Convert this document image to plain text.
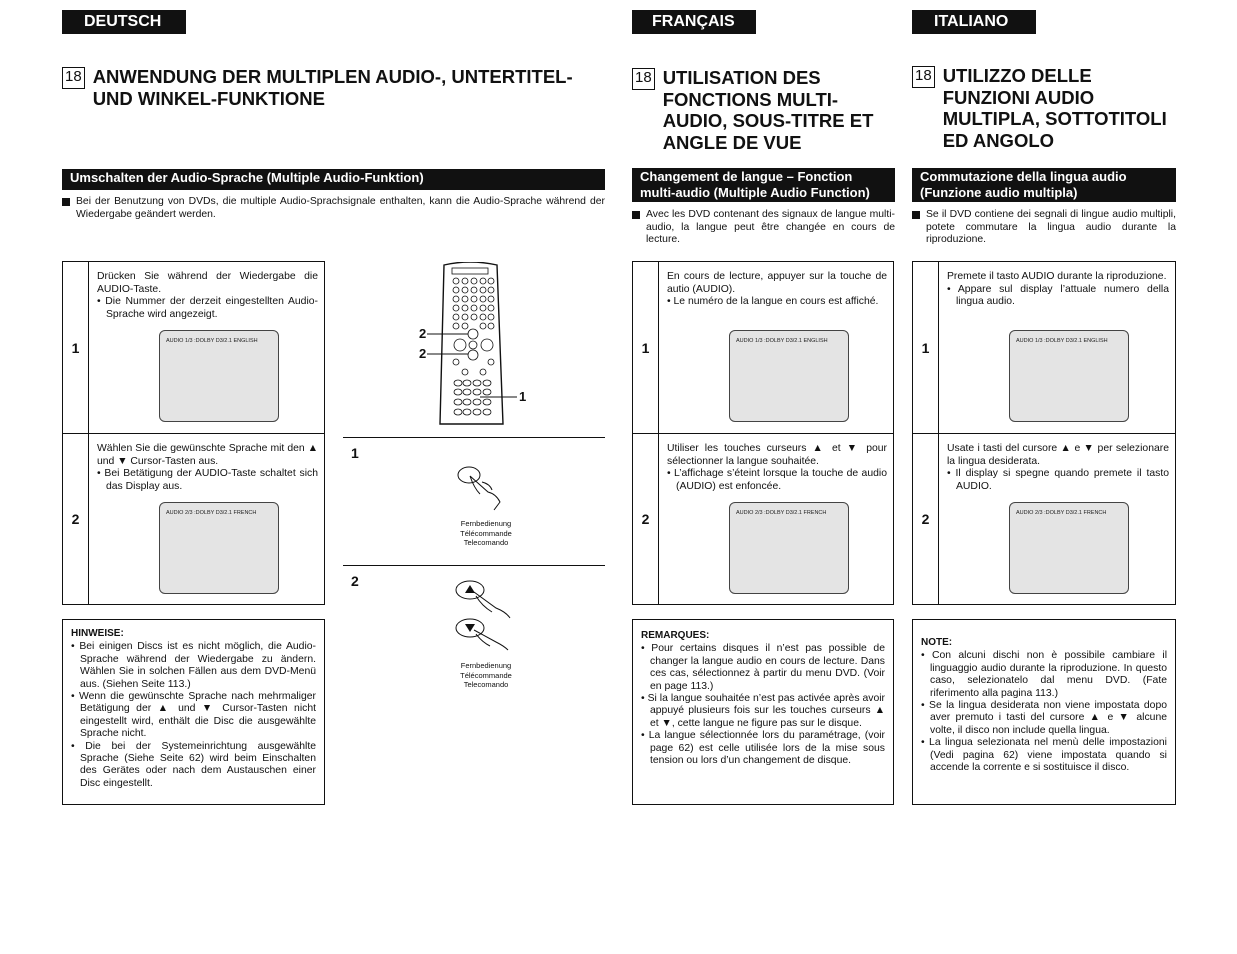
DEUTSCH
18 ANWENDUNG DER MULTIPLEN AUDIO-, UNTERTITEL-
UND WINKEL-FUNKTIONE
Umschalten der Audio-Sprache (Multiple Audio-Funktion)
Bei der Benutzung von DVDs, die multiple Audio-Sprachsignale enthalten, kann die Audio-Sprache während der Wiedergabe geändert werden.
1
Drücken Sie während der Wiedergabe die AUDIO-Taste.
• Die Nummer der derzeit eingestellten Audio-Sprache wird angezeigt.
AUDIO 1/3 :DOLBY D3/2.1 ENGLISH
2
Wählen Sie die gewünschte Sprache mit den ▲ und ▼ Cursor-Tasten aus.
• Bei Betätigung der AUDIO-Taste schaltet sich das Display aus.
AUDIO 2/3 :DOLBY D3/2.1 FRENCH
HINWEISE:
• Bei einigen Discs ist es nicht möglich, die Audio-Sprache während der Wiedergabe zu ändern. Wählen Sie in solchen Fällen aus dem DVD-Menü aus. (Siehen Seite 113.)
• Wenn die gewünschte Sprache nach mehrmaliger Betätigung der ▲ und ▼ Cursor-Tasten nicht eingestellt wird, enthält die Disc die ausgewählte Sprache nicht.
• Die bei der Systemeinrichtung ausgewählte Sprache (Siehe Seite 62) wird beim Einschalten des Gerätes oder nach dem Austauschen einer Disc eingestellt.
2
2
1
1
Fernbedienung
Télécommande
Telecomando
2
Fernbedienung
Télécommande
Telecomando
FRANÇAIS
18 UTILISATION DES
FONCTIONS MULTI-
AUDIO, SOUS-TITRE ET
ANGLE DE VUE
Changement de langue – Fonction
multi-audio (Multiple Audio Function)
Avec les DVD contenant des signaux de langue multi-audio, la langue peut être changée en cours de lecture.
1
En cours de lecture, appuyer sur la touche de autio (AUDIO).
• Le numéro de la langue en cours est affiché.
AUDIO 1/3 :DOLBY D3/2.1 ENGLISH
2
Utiliser les touches curseurs ▲ et ▼ pour sélectionner la langue souhaitée.
• L’affichage s’éteint lorsque la touche de audio (AUDIO) est enfoncée.
AUDIO 2/3 :DOLBY D3/2.1 FRENCH
REMARQUES:
• Pour certains disques il n’est pas possible de changer la langue audio en cours de lecture. Dans ces cas, sélectionnez à partir du menu DVD. (Voir en page 113.)
• Si la langue souhaitée n’est pas activée après avoir appuyé plusieurs fois sur les touches curseurs ▲ et ▼, cette langue ne figure pas sur le disque.
• La langue sélectionnée lors du paramétrage, (voir page 62) est celle utilisée lors de la mise sous tension ou lors d’un changement de disque.
ITALIANO
18 UTILIZZO DELLE
FUNZIONI AUDIO
MULTIPLA, SOTTOTITOLI
ED ANGOLO
Commutazione della lingua audio
(Funzione audio multipla)
Se il DVD contiene dei segnali di lingue audio multipli, potete commutare la lingua audio durante la riproduzione.
1
Premete il tasto AUDIO durante la riproduzione.
• Appare sul display l’attuale numero della lingua audio.
AUDIO 1/3 :DOLBY D3/2.1 ENGLISH
2
Usate i tasti del cursore ▲ e ▼ per selezionare la lingua desiderata.
• Il display si spegne quando premete il tasto AUDIO.
AUDIO 2/3 :DOLBY D3/2.1 FRENCH
NOTE:
• Con alcuni dischi non è possibile cambiare il linguaggio audio durante la riproduzione. In questo caso, selezionatelo dal menu DVD. (Fate riferimento alla pagina 113.)
• Se la lingua desiderata non viene impostata dopo aver premuto i tasti del cursore ▲ e ▼ alcune volte, il disco non include quella lingua.
• La lingua selezionata nel menù delle impostazioni (Vedi pagina 62) viene impostata quando si accende la corrente e si sostituisce il disco.
